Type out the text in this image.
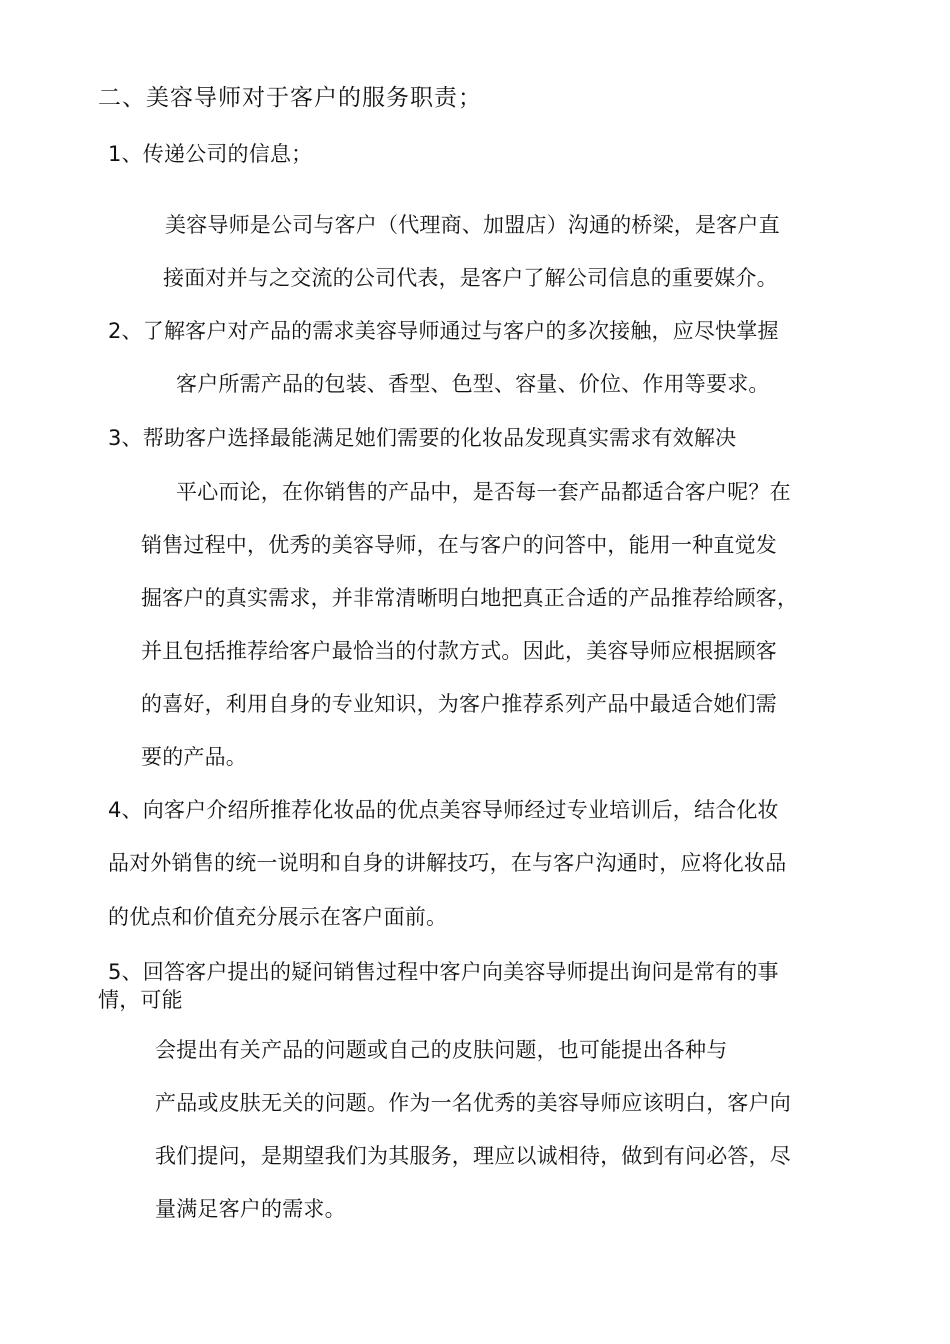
二、美容导师对于客户的服务职责；
1、传递公司的信息；
美容导师是公司与客户（代理商、加盟店）沟通的桥梁，是客户直
接面对并与之交流的公司代表，是客户了解公司信息的重要媒介。
2、了解客户对产品的需求美容导师通过与客户的多次接触，应尽快掌握
客户所需产品的包装、香型、色型、容量、价位、作用等要求。
3、帮助客户选择最能满足她们需要的化妆品发现真实需求有效解决
平心而论，在你销售的产品中，是否每一套产品都适合客户呢？在
销售过程中，优秀的美容导师，在与客户的问答中，能用一种直觉发
掘客户的真实需求，并非常清晰明白地把真正合适的产品推荐给顾客，
并且包括推荐给客户最恰当的付款方式。因此，美容导师应根据顾客
的喜好，利用自身的专业知识，为客户推荐系列产品中最适合她们需
要的产品。
4、向客户介绍所推荐化妆品的优点美容导师经过专业培训后，结合化妆
品对外销售的统一说明和自身的讲解技巧，在与客户沟通时，应将化妆品
的优点和价值充分展示在客户面前。
5、回答客户提出的疑问销售过程中客户向美容导师提出询问是常有的事
情，可能
会提出有关产品的问题或自己的皮肤问题，也可能提出各种与
产品或皮肤无关的问题。作为一名优秀的美容导师应该明白，客户向
我们提问，是期望我们为其服务，理应以诚相待，做到有问必答，尽
量满足客户的需求。
